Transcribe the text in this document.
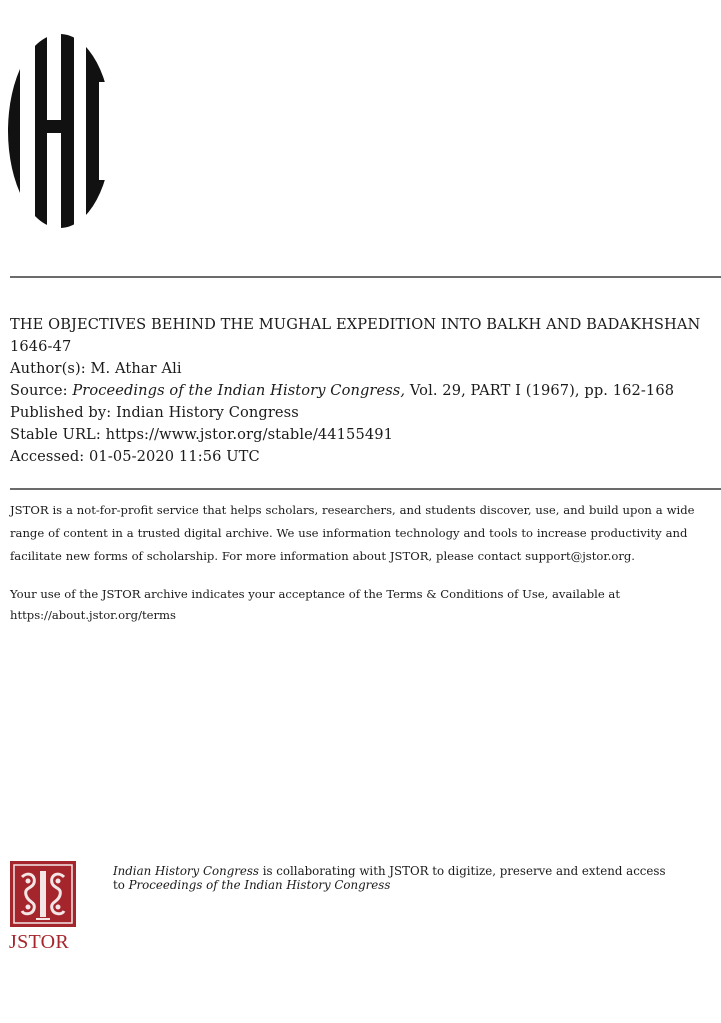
THE OBJECTIVES BEHIND THE MUGHAL EXPEDITION INTO BALKH AND BADAKHSHAN
1646-47
Author(s): M. Athar Ali
Source: Proceedings of the Indian History Congress, Vol. 29, PART I (1967), pp. 162-168
Published by: Indian History Congress
Stable URL: https://www.jstor.org/stable/44155491
Accessed: 01-05-2020 11:56 UTC

JSTOR is a not-for-profit service that helps scholars, researchers, and students discover, use, and build upon a wide

range of content in a trusted digital archive. We use information technology and tools to increase productivity and

facilitate new forms of scholarship. For more information about JSTOR, please contact support@jstor.org.

Your use of the JSTOR archive indicates your acceptance of the Terms & Conditions of Use, available at

https://about.jstor.org/terms

JSTOR

Indian History Congress is collaborating with JSTOR to digitize, preserve and extend access

to Proceedings of the Indian History Congress
